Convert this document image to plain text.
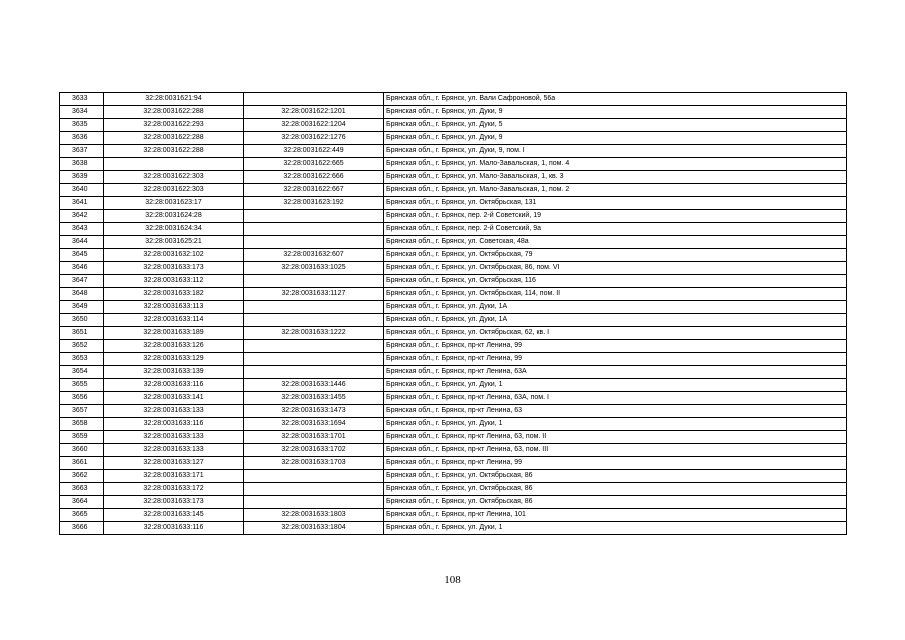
3633	32:28:0031621:94		Брянская обл., г. Брянск, ул. Вали Сафроновой, 56а
3634	32:28:0031622:288	32:28:0031622:1201	Брянская обл., г. Брянск, ул. Дуки, 9
3635	32:28:0031622:293	32:28:0031622:1204	Брянская обл., г. Брянск, ул. Дуки, 5
3636	32:28:0031622:288	32:28:0031622:1276	Брянская обл., г. Брянск, ул. Дуки, 9
3637	32:28:0031622:288	32:28:0031622:449	Брянская обл., г. Брянск, ул. Дуки, 9, пом. I
3638		32:28:0031622:665	Брянская обл., г. Брянск, ул. Мало-Завальская, 1, пом. 4
3639	32:28:0031622:303	32:28:0031622:666	Брянская обл., г. Брянск, ул. Мало-Завальская, 1, кв. 3
3640	32:28:0031622:303	32:28:0031622:667	Брянская обл., г. Брянск, ул. Мало-Завальская, 1, пом. 2
3641	32:28:0031623:17	32:28:0031623:192	Брянская обл., г. Брянск, ул. Октябрьская, 131
3642	32:28:0031624:28		Брянская обл., г. Брянск, пер. 2-й Советский, 19
3643	32:28:0031624:34		Брянская обл., г. Брянск, пер. 2-й Советский, 9а
3644	32:28:0031625:21		Брянская обл., г. Брянск, ул. Советская, 48а
3645	32:28:0031632:102	32:28:0031632:607	Брянская обл., г. Брянск, ул. Октябрьская, 79
3646	32:28:0031633:173	32:28:0031633:1025	Брянская обл., г. Брянск, ул. Октябрьская, 86, пом. VI
3647	32:28:0031633:112		Брянская обл., г. Брянск, ул. Октябрьская, 116
3648	32:28:0031633:182	32:28:0031633:1127	Брянская обл., г. Брянск, ул. Октябрьская, 114, пом. II
3649	32:28:0031633:113		Брянская обл., г. Брянск, ул. Дуки, 1А
3650	32:28:0031633:114		Брянская обл., г. Брянск, ул. Дуки, 1А
3651	32:28:0031633:189	32:28:0031633:1222	Брянская обл., г. Брянск, ул. Октябрьская, 62, кв. I
3652	32:28:0031633:126		Брянская обл., г. Брянск, пр-кт Ленина, 99
3653	32:28:0031633:129		Брянская обл., г. Брянск, пр-кт Ленина, 99
3654	32:28:0031633:139		Брянская обл., г. Брянск, пр-кт Ленина, 63А
3655	32:28:0031633:116	32:28:0031633:1446	Брянская обл., г. Брянск, ул. Дуки, 1
3656	32:28:0031633:141	32:28:0031633:1455	Брянская обл., г. Брянск, пр-кт Ленина, 63А, пом. I
3657	32:28:0031633:133	32:28:0031633:1473	Брянская обл., г. Брянск, пр-кт Ленина, 63
3658	32:28:0031633:116	32:28:0031633:1694	Брянская обл., г. Брянск, ул. Дуки, 1
3659	32:28:0031633:133	32:28:0031633:1701	Брянская обл., г. Брянск, пр-кт Ленина, 63, пом. II
3660	32:28:0031633:133	32:28:0031633:1702	Брянская обл., г. Брянск, пр-кт Ленина, 63, пом. III
3661	32:28:0031633:127	32:28:0031633:1703	Брянская обл., г. Брянск, пр-кт Ленина, 99
3662	32:28:0031633:171		Брянская обл., г. Брянск, ул. Октябрьская, 86
3663	32:28:0031633:172		Брянская обл., г. Брянск, ул. Октябрьская, 86
3664	32:28:0031633:173		Брянская обл., г. Брянск, ул. Октябрьская, 86
3665	32:28:0031633:145	32:28:0031633:1803	Брянская обл., г. Брянск, пр-кт Ленина, 101
3666	32:28:0031633:116	32:28:0031633:1804	Брянская обл., г. Брянск, ул. Дуки, 1
108
